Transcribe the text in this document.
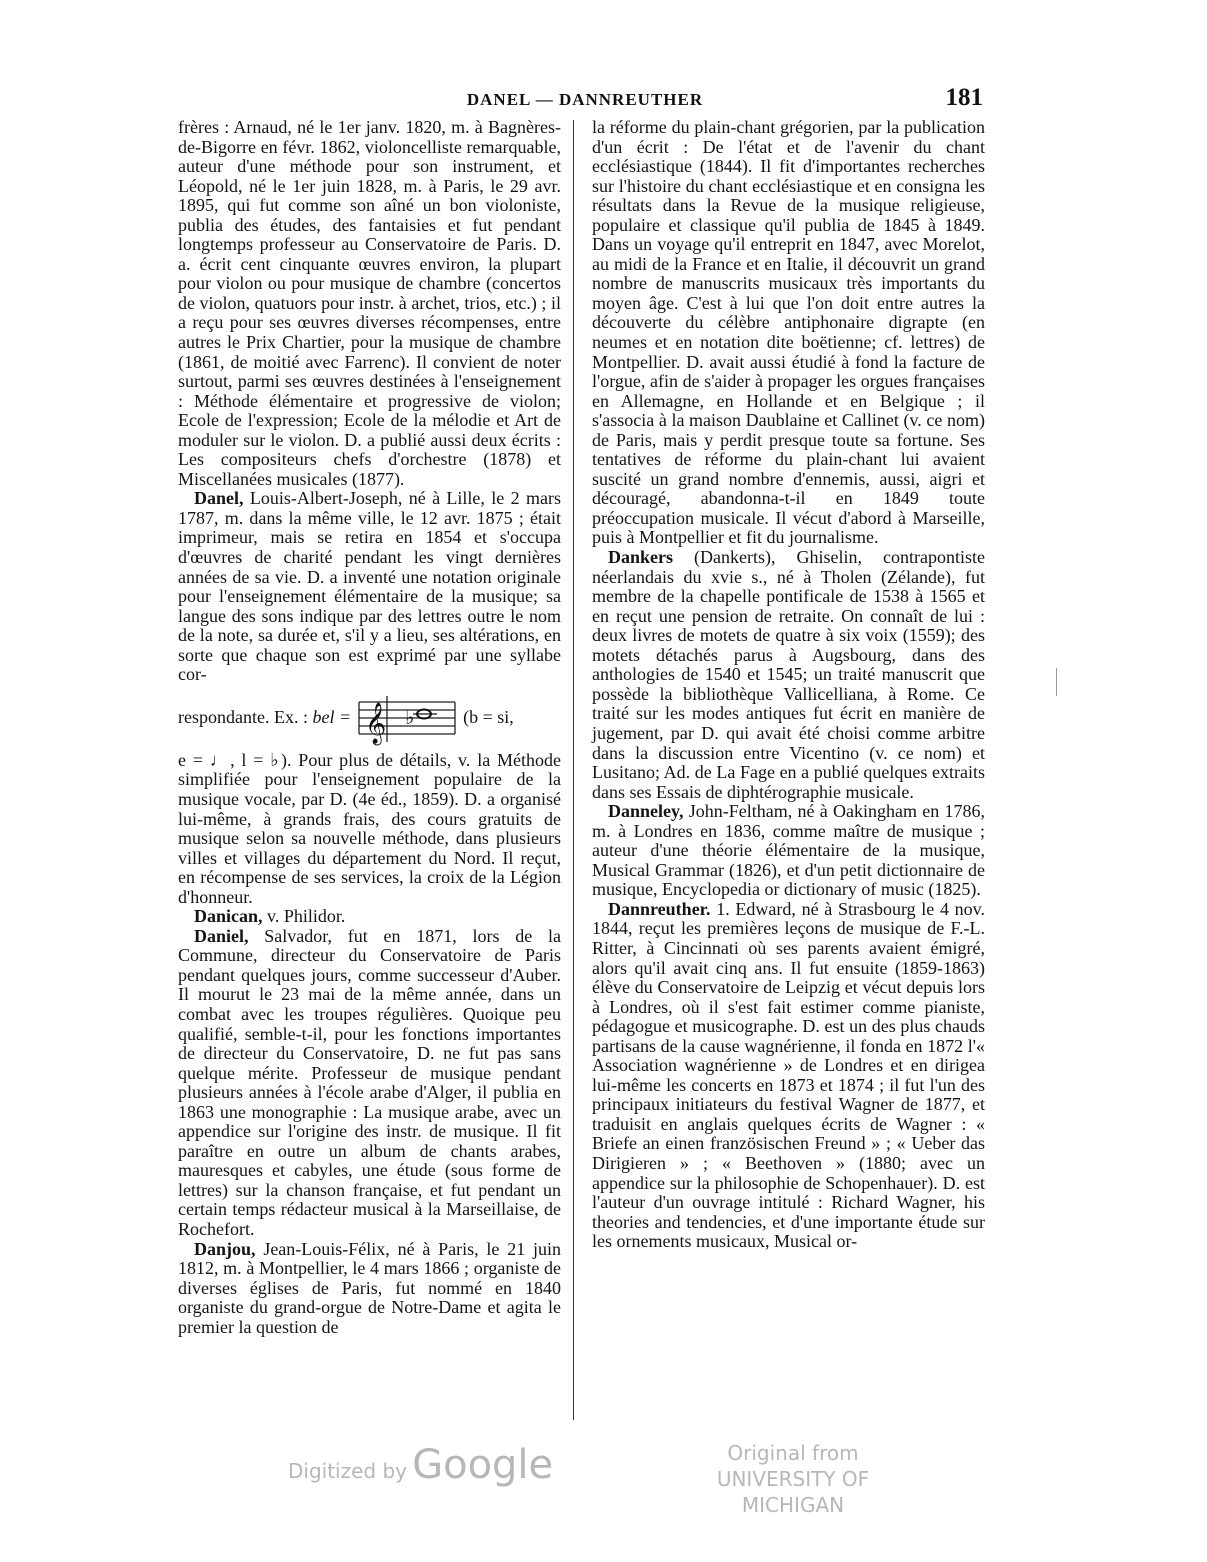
DANEL — DANNREUTHER	181

frères : Arnaud, né le 1er janv. 1820, m. à Bagnères-de-Bigorre en févr. 1862, violoncelliste remarquable, auteur d'une méthode pour son instrument, et Léopold, né le 1er juin 1828, m. à Paris, le 29 avr. 1895, qui fut comme son aîné un bon violoniste, publia des études, des fantaisies et fut pendant longtemps professeur au Conservatoire de Paris. D. a. écrit cent cinquante œuvres environ, la plupart pour violon ou pour musique de chambre (concertos de violon, quatuors pour instr. à archet, trios, etc.) ; il a reçu pour ses œuvres diverses récompenses, entre autres le Prix Chartier, pour la musique de chambre (1861, de moitié avec Farrenc). Il convient de noter surtout, parmi ses œuvres destinées à l'enseignement : Méthode élémentaire et progressive de violon; Ecole de l'expression; Ecole de la mélodie et Art de moduler sur le violon. D. a publié aussi deux écrits : Les compositeurs chefs d'orchestre (1878) et Miscellanées musicales (1877).

Danel, Louis-Albert-Joseph, né à Lille, le 2 mars 1787, m. dans la même ville, le 12 avr. 1875 ; était imprimeur, mais se retira en 1854 et s'occupa d'œuvres de charité pendant les vingt dernières années de sa vie. D. a inventé une notation originale pour l'enseignement élémentaire de la musique; sa langue des sons indique par des lettres outre le nom de la note, sa durée et, s'il y a lieu, ses altérations, en sorte que chaque son est exprimé par une syllabe cor-

respondante. Ex. :
bel = 𝄞 ♭	(b = si,

e = ♩, l = ♭). Pour plus de détails, v. la Méthode simplifiée pour l'enseignement populaire de la musique vocale, par D. (4e éd., 1859). D. a organisé lui-même, à grands frais, des cours gratuits de musique selon sa nouvelle méthode, dans plusieurs villes et villages du département du Nord. Il reçut, en récompense de ses services, la croix de la Légion d'honneur.

Danican, v. Philidor.

Daniel, Salvador, fut en 1871, lors de la Commune, directeur du Conservatoire de Paris pendant quelques jours, comme successeur d'Auber. Il mourut le 23 mai de la même année, dans un combat avec les troupes régulières. Quoique peu qualifié, semble-t-il, pour les fonctions importantes de directeur du Conservatoire, D. ne fut pas sans quelque mérite. Professeur de musique pendant plusieurs années à l'école arabe d'Alger, il publia en 1863 une monographie : La musique arabe, avec un appendice sur l'origine des instr. de musique. Il fit paraître en outre un album de chants arabes, mauresques et cabyles, une étude (sous forme de lettres) sur la chanson française, et fut pendant un certain temps rédacteur musical à la Marseillaise, de Rochefort.

Danjou, Jean-Louis-Félix, né à Paris, le 21 juin 1812, m. à Montpellier, le 4 mars 1866 ; organiste de diverses églises de Paris, fut nommé en 1840 organiste du grand-orgue de Notre-Dame et agita le premier la question de

la réforme du plain-chant grégorien, par la publication d'un écrit : De l'état et de l'avenir du chant ecclésiastique (1844). Il fit d'importantes recherches sur l'histoire du chant ecclésiastique et en consigna les résultats dans la Revue de la musique religieuse, populaire et classique qu'il publia de 1845 à 1849. Dans un voyage qu'il entreprit en 1847, avec Morelot, au midi de la France et en Italie, il découvrit un grand nombre de manuscrits musicaux très importants du moyen âge. C'est à lui que l'on doit entre autres la découverte du célèbre antiphonaire digrapte (en neumes et en notation dite boëtienne; cf. lettres) de Montpellier. D. avait aussi étudié à fond la facture de l'orgue, afin de s'aider à propager les orgues françaises en Allemagne, en Hollande et en Belgique ; il s'associa à la maison Daublaine et Callinet (v. ce nom) de Paris, mais y perdit presque toute sa fortune. Ses tentatives de réforme du plain-chant lui avaient suscité un grand nombre d'ennemis, aussi, aigri et découragé, abandonna-t-il en 1849 toute préoccupation musicale. Il vécut d'abord à Marseille, puis à Montpellier et fit du journalisme.

Dankers (Dankerts), Ghiselin, contrapontiste néerlandais du xvie s., né à Tholen (Zélande), fut membre de la chapelle pontificale de 1538 à 1565 et en reçut une pension de retraite. On connaît de lui : deux livres de motets de quatre à six voix (1559); des motets détachés parus à Augsbourg, dans des anthologies de 1540 et 1545; un traité manuscrit que possède la bibliothèque Vallicelliana, à Rome. Ce traité sur les modes antiques fut écrit en manière de jugement, par D. qui avait été choisi comme arbitre dans la discussion entre Vicentino (v. ce nom) et Lusitano; Ad. de La Fage en a publié quelques extraits dans ses Essais de diphtérographie musicale.

Danneley, John-Feltham, né à Oakingham en 1786, m. à Londres en 1836, comme maître de musique ; auteur d'une théorie élémentaire de la musique, Musical Grammar (1826), et d'un petit dictionnaire de musique, Encyclopedia or dictionary of music (1825).

Dannreuther. 1. Edward, né à Strasbourg le 4 nov. 1844, reçut les premières leçons de musique de F.-L. Ritter, à Cincinnati où ses parents avaient émigré, alors qu'il avait cinq ans. Il fut ensuite (1859-1863) élève du Conservatoire de Leipzig et vécut depuis lors à Londres, où il s'est fait estimer comme pianiste, pédagogue et musicographe. D. est un des plus chauds partisans de la cause wagnérienne, il fonda en 1872 l'« Association wagnérienne » de Londres et en dirigea lui-même les concerts en 1873 et 1874 ; il fut l'un des principaux initiateurs du festival Wagner de 1877, et traduisit en anglais quelques écrits de Wagner : « Briefe an einen französischen Freund » ; « Ueber das Dirigieren » ; « Beethoven » (1880; avec un appendice sur la philosophie de Schopenhauer). D. est l'auteur d'un ouvrage intitulé : Richard Wagner, his theories and tendencies, et d'une importante étude sur les ornements musicaux, Musical or-

Digitized by Google	Original from
UNIVERSITY OF MICHIGAN
